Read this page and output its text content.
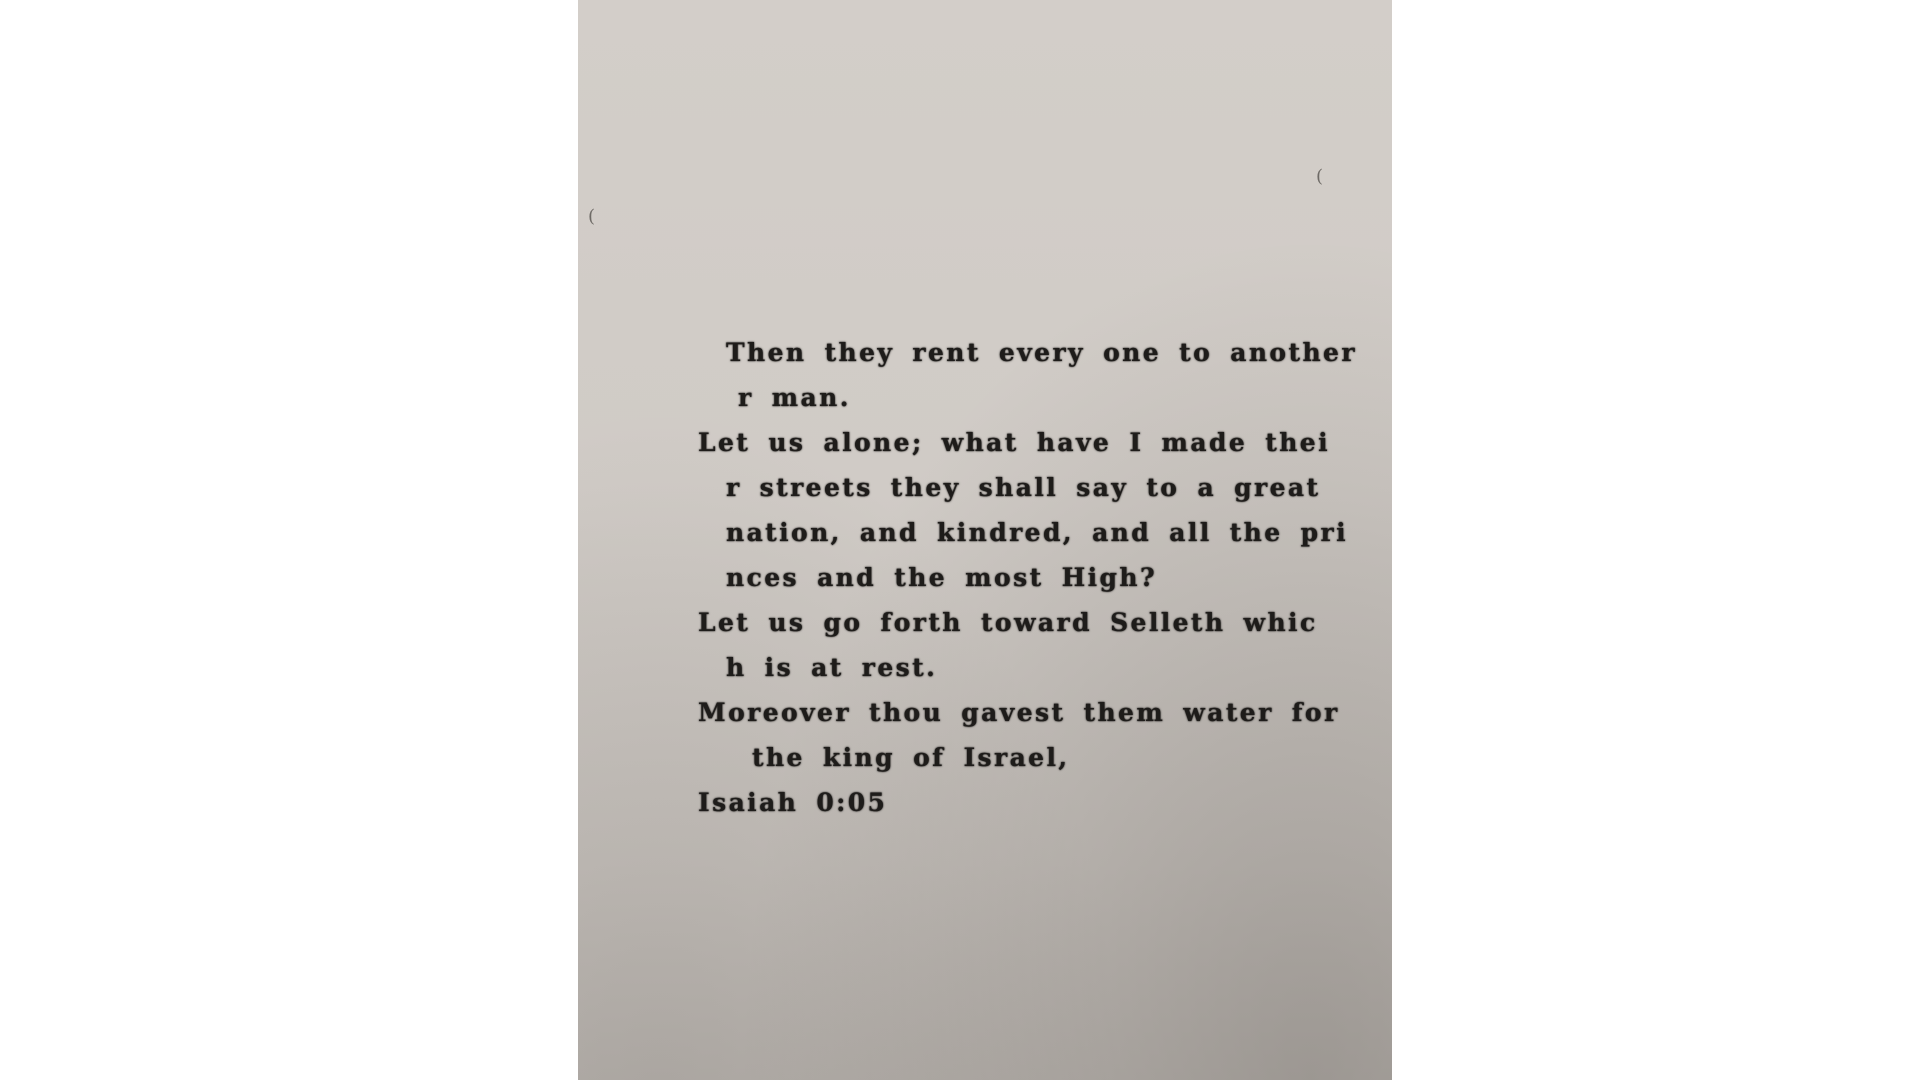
(
(
Then they rent every one to another
r man.
Let us alone; what have I made thei
r streets they shall say to a great
nation, and kindred, and all the pri
nces and the most High?
Let us go forth toward Selleth whic
h is at rest.
Moreover thou gavest them water for
the king of Israel,
Isaiah 0:05
